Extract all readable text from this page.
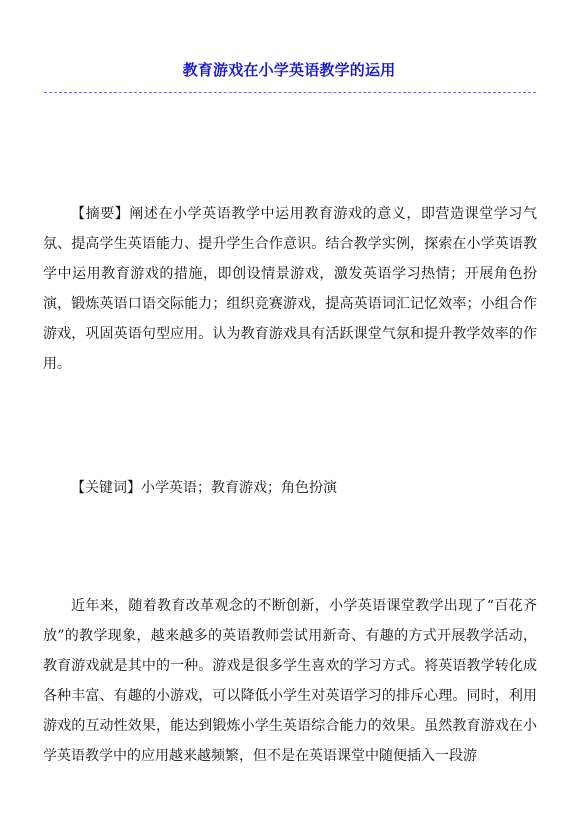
教育游戏在小学英语教学的运用

【摘要】阐述在小学英语教学中运用教育游戏的意义，即营造课堂学习气氛、提高学生英语能力、提升学生合作意识。结合教学实例，探索在小学英语教学中运用教育游戏的措施，即创设情景游戏，激发英语学习热情；开展角色扮演，锻炼英语口语交际能力；组织竞赛游戏，提高英语词汇记忆效率；小组合作游戏，巩固英语句型应用。认为教育游戏具有活跃课堂气氛和提升教学效率的作用。

【关键词】小学英语；教育游戏；角色扮演

近年来，随着教育改革观念的不断创新，小学英语课堂教学出现了“百花齐放”的教学现象，越来越多的英语教师尝试用新奇、有趣的方式开展教学活动，教育游戏就是其中的一种。游戏是很多学生喜欢的学习方式。将英语教学转化成各种丰富、有趣的小游戏，可以降低小学生对英语学习的排斥心理。同时，利用游戏的互动性效果，能达到锻炼小学生英语综合能力的效果。虽然教育游戏在小学英语教学中的应用越来越频繁，但不是在英语课堂中随便插入一段游
